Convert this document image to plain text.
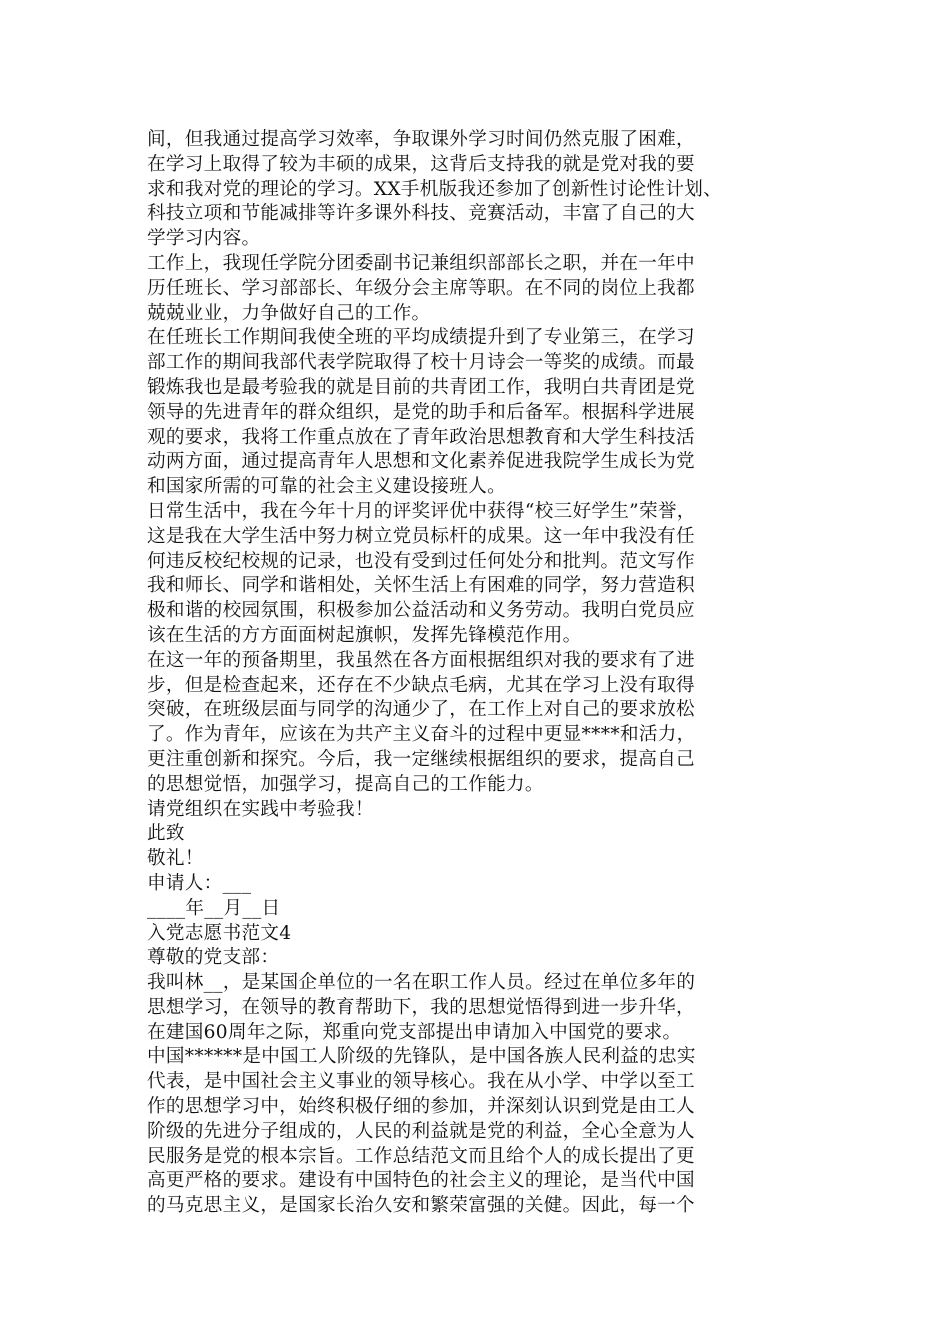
间，但我通过提高学习效率，争取课外学习时间仍然克服了困难，
在学习上取得了较为丰硕的成果，这背后支持我的就是党对我的要
求和我对党的理论的学习。XX手机版我还参加了创新性讨论性计划、
科技立项和节能减排等许多课外科技、竞赛活动，丰富了自己的大
学学习内容。
工作上，我现任学院分团委副书记兼组织部部长之职，并在一年中
历任班长、学习部部长、年级分会主席等职。在不同的岗位上我都
兢兢业业，力争做好自己的工作。
在任班长工作期间我使全班的平均成绩提升到了专业第三，在学习
部工作的期间我部代表学院取得了校十月诗会一等奖的成绩。而最
锻炼我也是最考验我的就是目前的共青团工作，我明白共青团是党
领导的先进青年的群众组织，是党的助手和后备军。根据科学进展
观的要求，我将工作重点放在了青年政治思想教育和大学生科技活
动两方面，通过提高青年人思想和文化素养促进我院学生成长为党
和国家所需的可靠的社会主义建设接班人。
日常生活中，我在今年十月的评奖评优中获得“校三好学生”荣誉，
这是我在大学生活中努力树立党员标杆的成果。这一年中我没有任
何违反校纪校规的记录，也没有受到过任何处分和批判。范文写作
我和师长、同学和谐相处，关怀生活上有困难的同学，努力营造积
极和谐的校园氛围，积极参加公益活动和义务劳动。我明白党员应
该在生活的方方面面树起旗帜，发挥先锋模范作用。
在这一年的预备期里，我虽然在各方面根据组织对我的要求有了进
步，但是检查起来，还存在不少缺点毛病，尤其在学习上没有取得
突破，在班级层面与同学的沟通少了，在工作上对自己的要求放松
了。作为青年，应该在为共产主义奋斗的过程中更显****和活力，
更注重创新和探究。今后，我一定继续根据组织的要求，提高自己
的思想觉悟，加强学习，提高自己的工作能力。
请党组织在实践中考验我！
此致
敬礼！
申请人：___
____年__月__日
入党志愿书范文4
尊敬的党支部：
我叫林__，是某国企单位的一名在职工作人员。经过在单位多年的
思想学习，在领导的教育帮助下，我的思想觉悟得到进一步升华，
在建国60周年之际，郑重向党支部提出申请加入中国党的要求。
中国******是中国工人阶级的先锋队，是中国各族人民利益的忠实
代表，是中国社会主义事业的领导核心。我在从小学、中学以至工
作的思想学习中，始终积极仔细的参加，并深刻认识到党是由工人
阶级的先进分子组成的，人民的利益就是党的利益，全心全意为人
民服务是党的根本宗旨。工作总结范文而且给个人的成长提出了更
高更严格的要求。建设有中国特色的社会主义的理论，是当代中国
的马克思主义，是国家长治久安和繁荣富强的关健。因此，每一个
